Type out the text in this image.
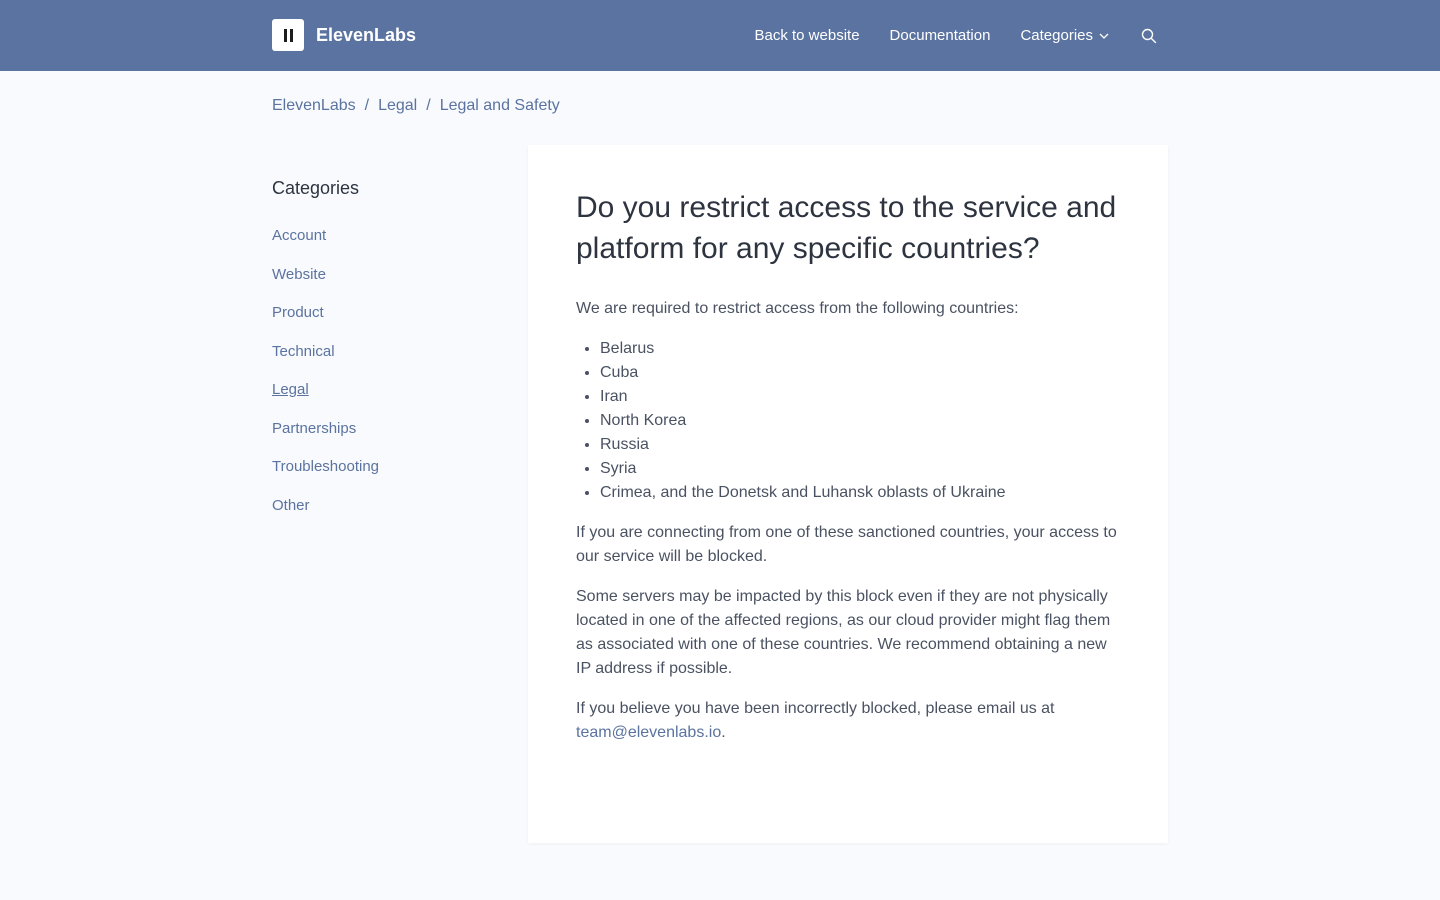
ElevenLabs	Back to website Documentation Categories
ElevenLabs / Legal / Legal and Safety
Categories
Account
Website
Product
Technical
Legal
Partnerships
Troubleshooting
Other
Do you restrict access to the service and platform for any specific countries?

We are required to restrict access from the following countries:

• Belarus
• Cuba
• Iran
• North Korea
• Russia
• Syria
• Crimea, and the Donetsk and Luhansk oblasts of Ukraine

If you are connecting from one of these sanctioned countries, your access to our service will be blocked.

Some servers may be impacted by this block even if they are not physically located in one of the affected regions, as our cloud provider might flag them as associated with one of these countries. We recommend obtaining a new IP address if possible.

If you believe you have been incorrectly blocked, please email us at team@elevenlabs.io.
